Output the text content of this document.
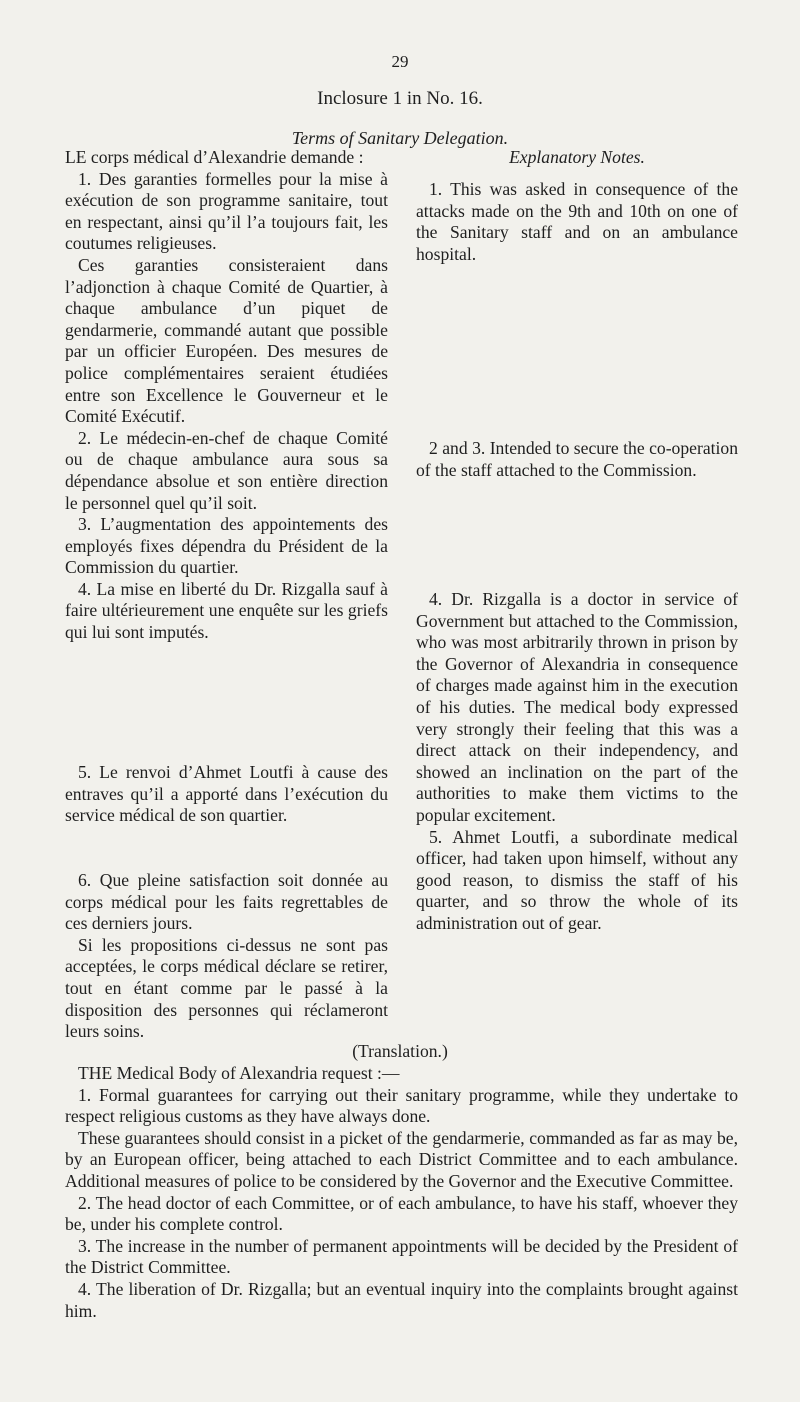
29
Inclosure 1 in No. 16.
Terms of Sanitary Delegation.

LE corps médical d’Alexandrie demande :

1. Des garanties formelles pour la mise à exécution de son programme sanitaire, tout en respectant, ainsi qu’il l’a toujours fait, les coutumes religieuses.

Ces garanties consisteraient dans l’adjonction à chaque Comité de Quartier, à chaque ambulance d’un piquet de gendarmerie, commandé autant que possible par un officier Européen. Des mesures de police complémentaires seraient étudiées entre son Excellence le Gouverneur et le Comité Exécutif.

2. Le médecin-en-chef de chaque Comité ou de chaque ambulance aura sous sa dépendance absolue et son entière direction le personnel quel qu’il soit.

3. L’augmentation des appointements des employés fixes dépendra du Président de la Commission du quartier.

4. La mise en liberté du Dr. Rizgalla sauf à faire ultérieurement une enquête sur les griefs qui lui sont imputés.

5. Le renvoi d’Ahmet Loutfi à cause des entraves qu’il a apporté dans l’exécution du service médical de son quartier.

6. Que pleine satisfaction soit donnée au corps médical pour les faits regrettables de ces derniers jours.

Si les propositions ci-dessus ne sont pas acceptées, le corps médical déclare se retirer, tout en étant comme par le passé à la disposition des personnes qui réclameront leurs soins.

Explanatory Notes.

1. This was asked in consequence of the attacks made on the 9th and 10th on one of the Sanitary staff and on an ambulance hospital.

2 and 3. Intended to secure the co-operation of the staff attached to the Commission.

4. Dr. Rizgalla is a doctor in service of Government but attached to the Commission, who was most arbitrarily thrown in prison by the Governor of Alexandria in consequence of charges made against him in the execution of his duties. The medical body expressed very strongly their feeling that this was a direct attack on their independency, and showed an inclination on the part of the authorities to make them victims to the popular excitement.

5. Ahmet Loutfi, a subordinate medical officer, had taken upon himself, without any good reason, to dismiss the staff of his quarter, and so throw the whole of its administration out of gear.

(Translation.)

THE Medical Body of Alexandria request :—

1. Formal guarantees for carrying out their sanitary programme, while they undertake to respect religious customs as they have always done.

These guarantees should consist in a picket of the gendarmerie, commanded as far as may be, by an European officer, being attached to each District Committee and to each ambulance. Additional measures of police to be considered by the Governor and the Executive Committee.

2. The head doctor of each Committee, or of each ambulance, to have his staff, whoever they be, under his complete control.

3. The increase in the number of permanent appointments will be decided by the President of the District Committee.

4. The liberation of Dr. Rizgalla; but an eventual inquiry into the complaints brought against him.
